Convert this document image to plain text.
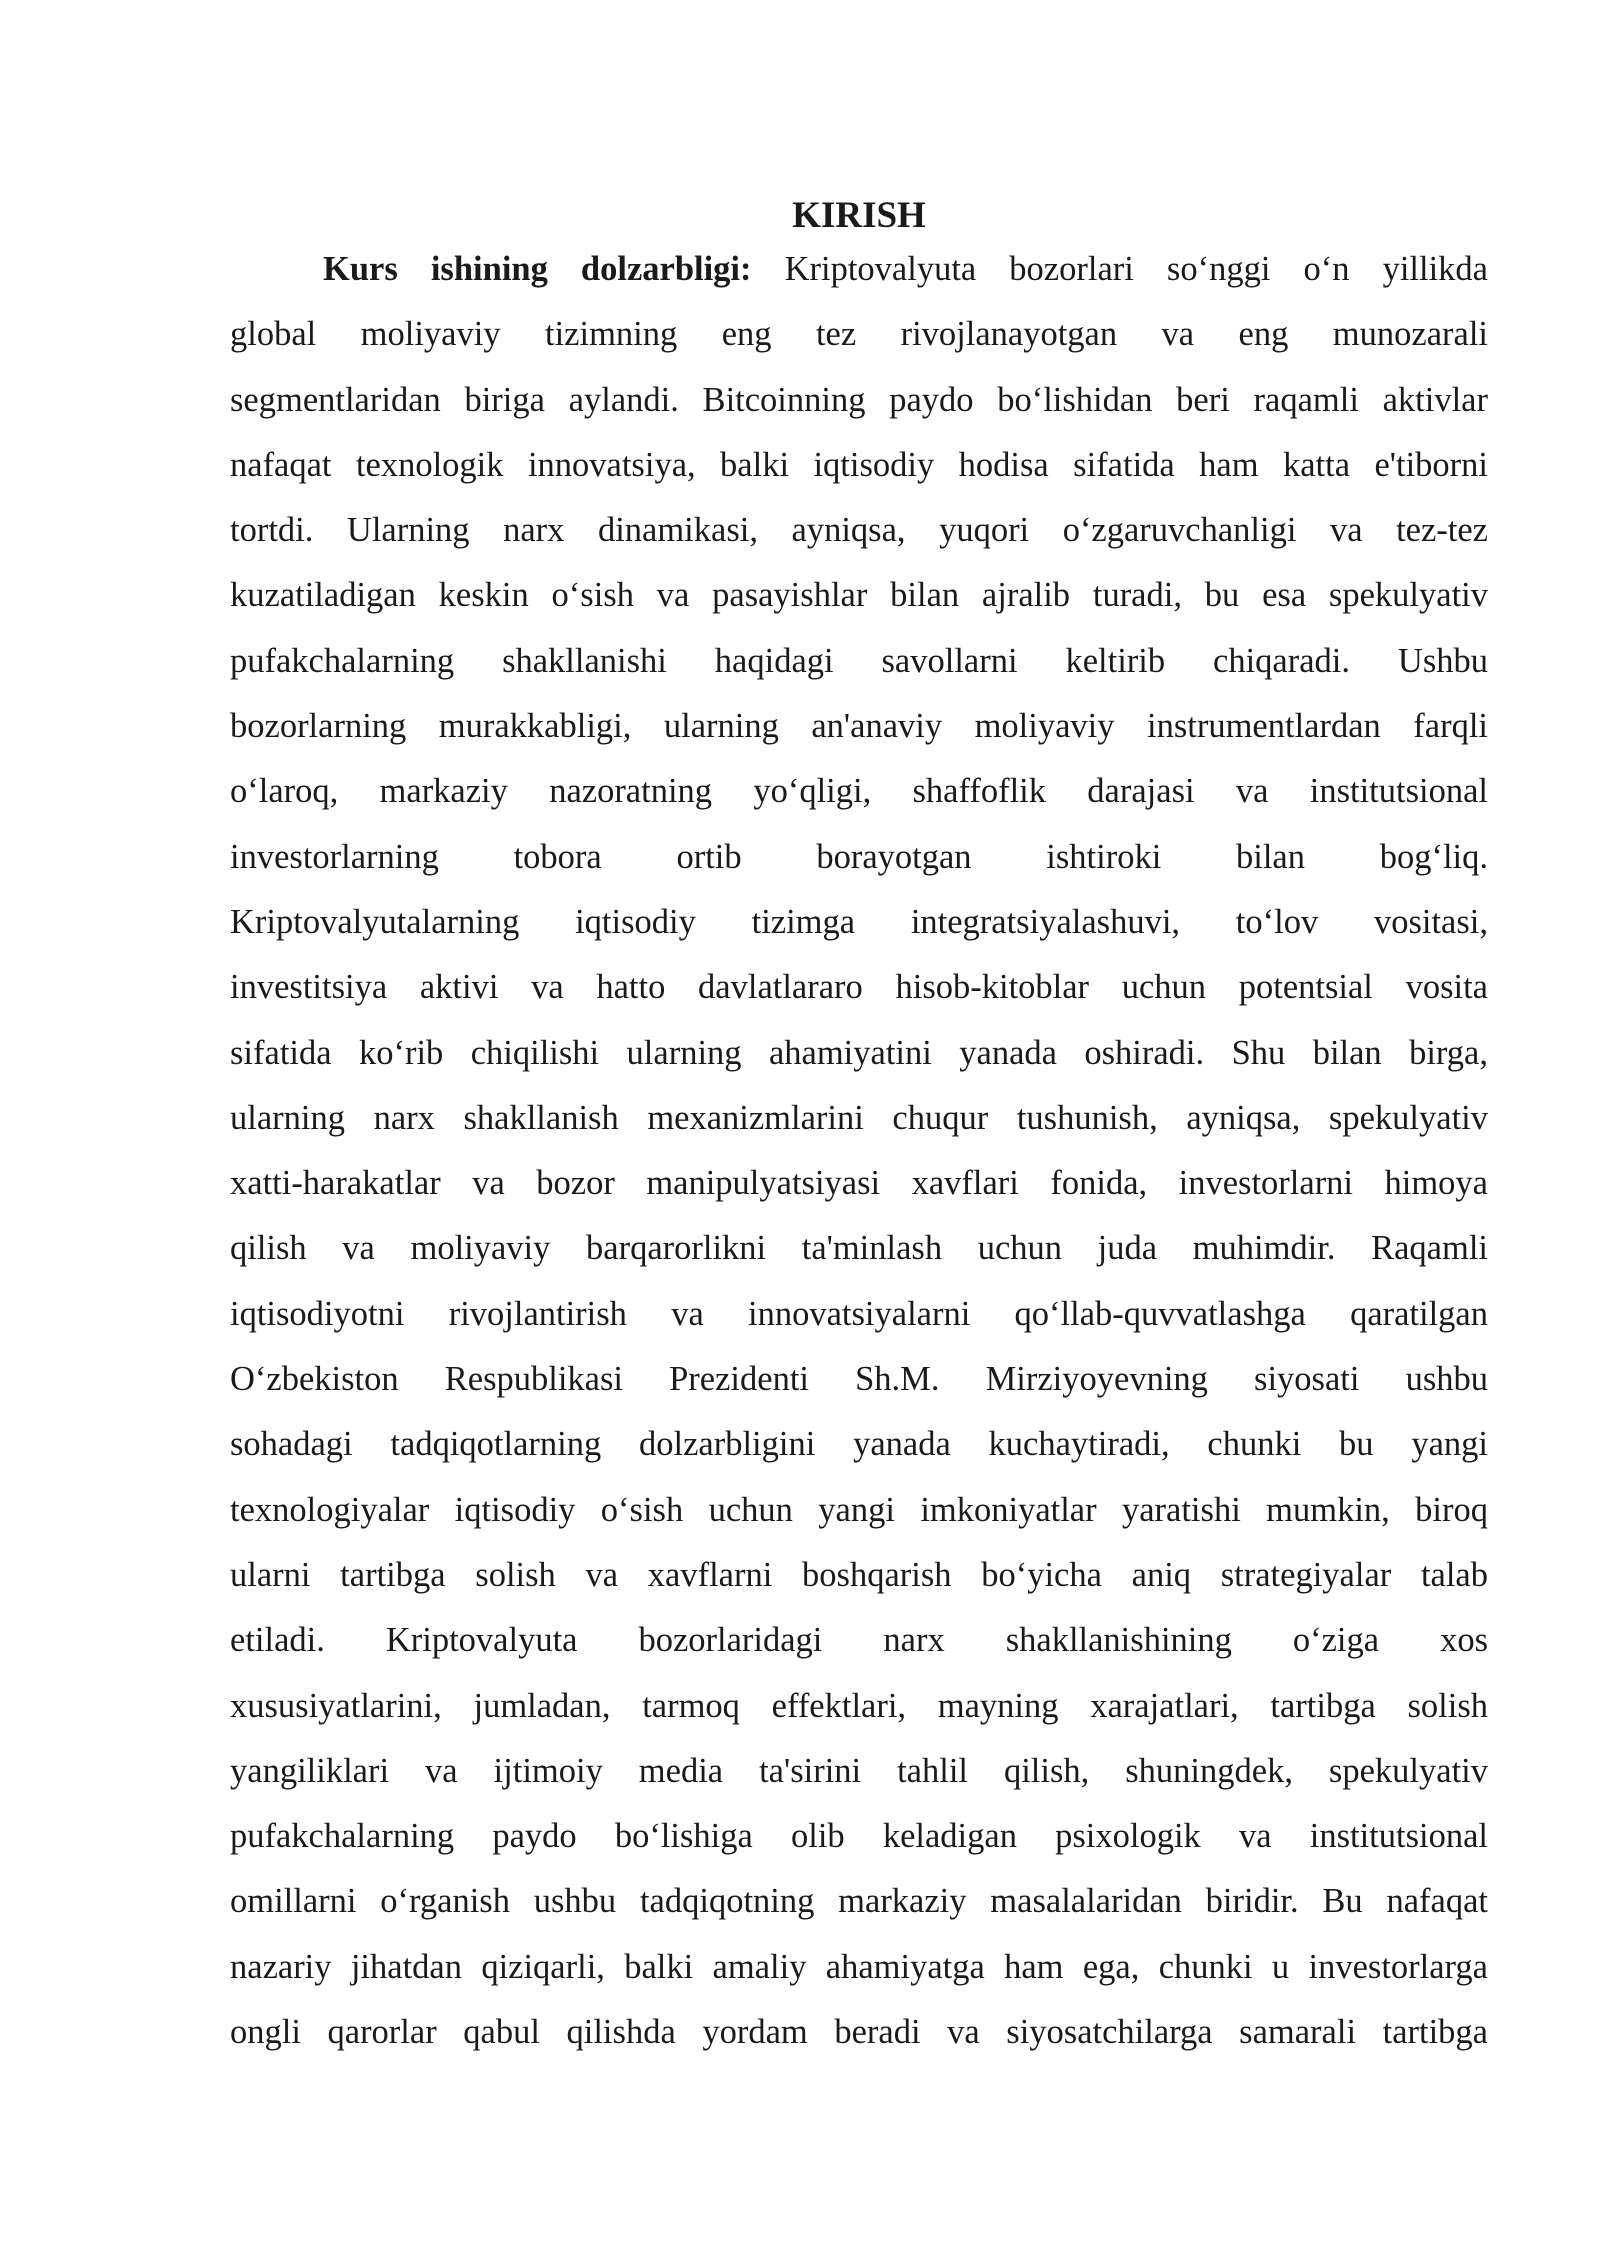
KIRISH
Kurs ishining dolzarbligi: Kriptovalyuta bozorlari soʻnggi oʻn yillikda
global moliyaviy tizimning eng tez rivojlanayotgan va eng munozarali
segmentlaridan biriga aylandi. Bitcoinning paydo boʻlishidan beri raqamli aktivlar
nafaqat texnologik innovatsiya, balki iqtisodiy hodisa sifatida ham katta e'tiborni
tortdi. Ularning narx dinamikasi, ayniqsa, yuqori oʻzgaruvchanligi va tez-tez
kuzatiladigan keskin oʻsish va pasayishlar bilan ajralib turadi, bu esa spekulyativ
pufakchalarning shakllanishi haqidagi savollarni keltirib chiqaradi. Ushbu
bozorlarning murakkabligi, ularning an'anaviy moliyaviy instrumentlardan farqli
oʻlaroq, markaziy nazoratning yoʻqligi, shaffoflik darajasi va institutsional
investorlarning tobora ortib borayotgan ishtiroki bilan bogʻliq.
Kriptovalyutalarning iqtisodiy tizimga integratsiyalashuvi, toʻlov vositasi,
investitsiya aktivi va hatto davlatlararo hisob-kitoblar uchun potentsial vosita
sifatida koʻrib chiqilishi ularning ahamiyatini yanada oshiradi. Shu bilan birga,
ularning narx shakllanish mexanizmlarini chuqur tushunish, ayniqsa, spekulyativ
xatti-harakatlar va bozor manipulyatsiyasi xavflari fonida, investorlarni himoya
qilish va moliyaviy barqarorlikni ta'minlash uchun juda muhimdir. Raqamli
iqtisodiyotni rivojlantirish va innovatsiyalarni qoʻllab-quvvatlashga qaratilgan
Oʻzbekiston Respublikasi Prezidenti Sh.M. Mirziyoyevning siyosati ushbu
sohadagi tadqiqotlarning dolzarbligini yanada kuchaytiradi, chunki bu yangi
texnologiyalar iqtisodiy oʻsish uchun yangi imkoniyatlar yaratishi mumkin, biroq
ularni tartibga solish va xavflarni boshqarish boʻyicha aniq strategiyalar talab
etiladi. Kriptovalyuta bozorlaridagi narx shakllanishining oʻziga xos
xususiyatlarini, jumladan, tarmoq effektlari, mayning xarajatlari, tartibga solish
yangiliklari va ijtimoiy media ta'sirini tahlil qilish, shuningdek, spekulyativ
pufakchalarning paydo boʻlishiga olib keladigan psixologik va institutsional
omillarni oʻrganish ushbu tadqiqotning markaziy masalalaridan biridir. Bu nafaqat
nazariy jihatdan qiziqarli, balki amaliy ahamiyatga ham ega, chunki u investorlarga
ongli qarorlar qabul qilishda yordam beradi va siyosatchilarga samarali tartibga
